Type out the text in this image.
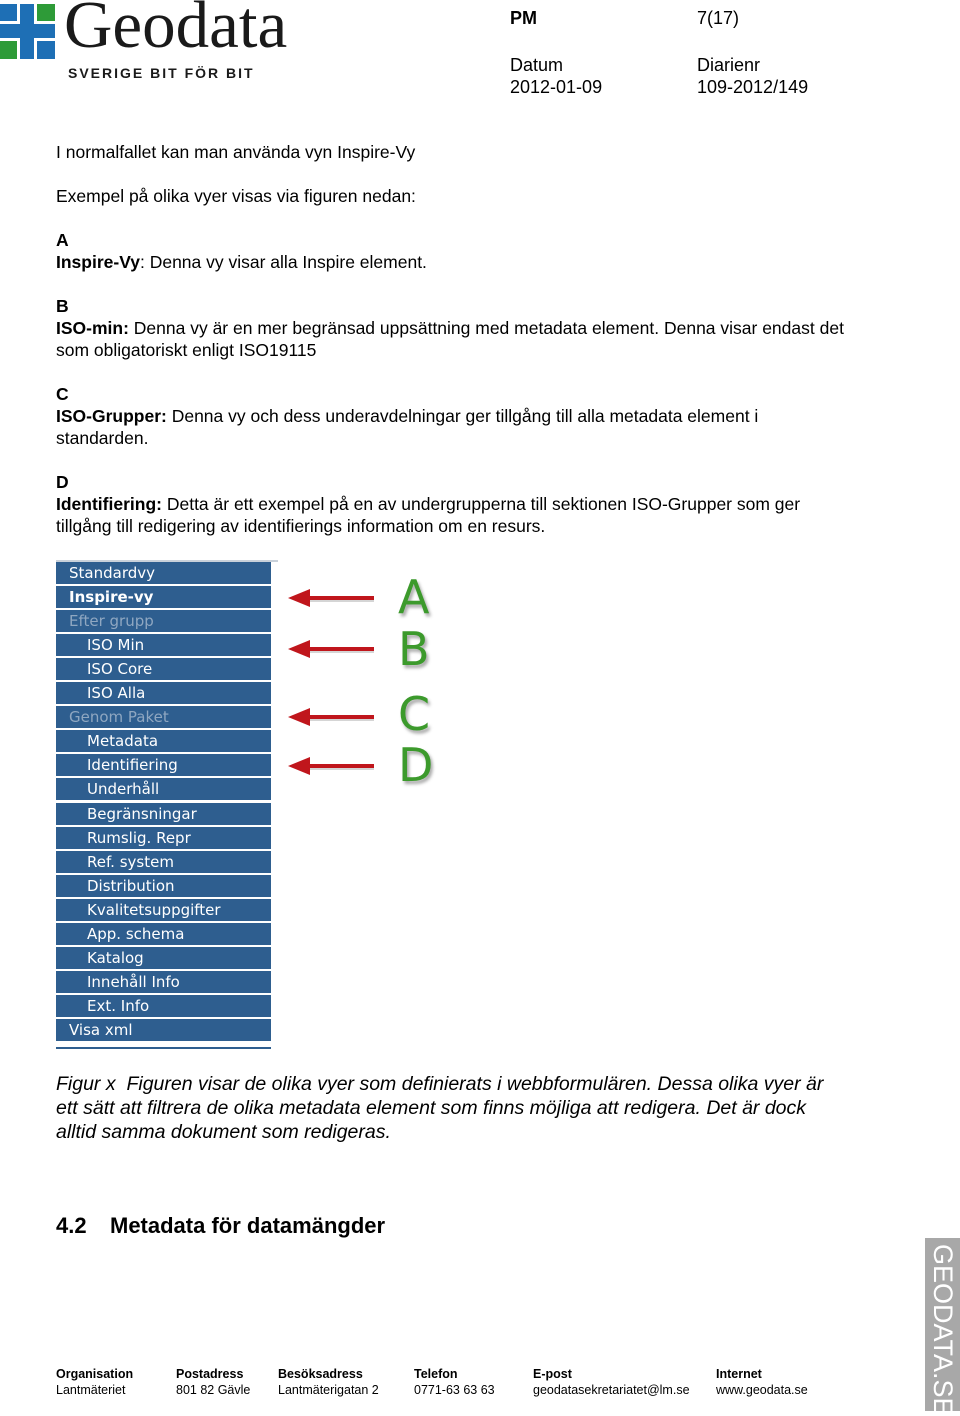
Geodata
SVERIGE BIT FÖR BIT
PM	7(17)
Datum
2012-01-09
Diarienr
109-2012/149
I normalfallet kan man använda vyn Inspire-Vy
Exempel på olika vyer visas via figuren nedan:
A
Inspire-Vy: Denna vy visar alla Inspire element.
B
ISO-min: Denna vy är en mer begränsad uppsättning med metadata element. Denna visar endast det som obligatoriskt enligt ISO19115
C
ISO-Grupper: Denna vy och dess underavdelningar ger tillgång till alla metadata element i standarden.
D
Identifiering: Detta är ett exempel på en av undergrupperna till sektionen ISO-Grupper som ger tillgång till redigering av identifierings information om en resurs.
Standardvy
Inspire-vy
Efter grupp
ISO Min
ISO Core
ISO Alla
Genom Paket
Metadata
Identifiering
Underhåll
Begränsningar
Rumslig. Repr
Ref. system
Distribution
Kvalitetsuppgifter
App. schema
Katalog
Innehåll Info
Ext. Info
Visa xml
A
B
C
D
Figur x Figuren visar de olika vyer som definierats i webbformulären. Dessa olika vyer är ett sätt att filtrera de olika metadata element som finns möjliga att redigera. Det är dock alltid samma dokument som redigeras.
4.2 Metadata för datamängder
Organisation
Lantmäteriet
Postadress
801 82 Gävle
Besöksadress
Lantmäterigatan 2
Telefon
0771-63 63 63
E-post
geodatasekretariatet@lm.se
Internet
www.geodata.se	GEODATA.SE
